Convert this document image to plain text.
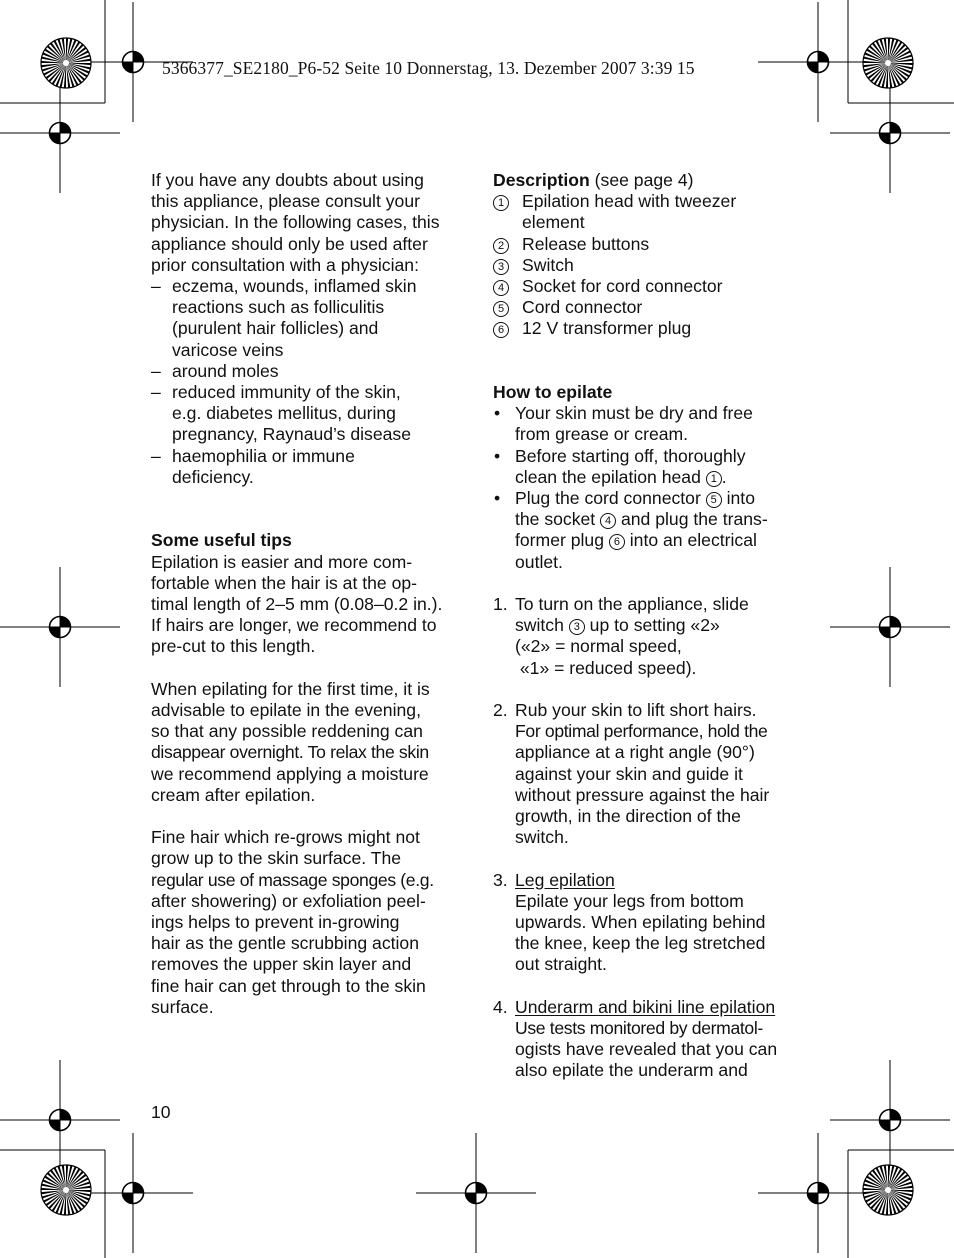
5366377_SE2180_P6-52 Seite 10 Donnerstag, 13. Dezember 2007 3:39 15

If you have any doubts about using

this appliance, please consult your

physician. In the following cases, this

appliance should only be used after

prior consultation with a physician:

– eczema, wounds, inflamed skin

reactions such as folliculitis

(purulent hair follicles) and

varicose veins

– around moles

– reduced immunity of the skin,

e.g. diabetes mellitus, during

pregnancy, Raynaud’s disease

– haemophilia or immune

deficiency.

Some useful tips

Epilation is easier and more com-

fortable when the hair is at the op-

timal length of 2–5 mm (0.08–0.2 in.).

If hairs are longer, we recommend to

pre-cut to this length.

When epilating for the first time, it is

advisable to epilate in the evening,

so that any possible reddening can

disappear overnight. To relax the skin

we recommend applying a moisture

cream after epilation.

Fine hair which re-grows might not

grow up to the skin surface. The

regular use of massage sponges (e.g.

after showering) or exfoliation peel-

ings helps to prevent in-growing

hair as the gentle scrubbing action

removes the upper skin layer and

fine hair can get through to the skin

surface.

Description (see page 4)

1	Epilation head with tweezer

element

2	Release buttons

3	Switch

4	Socket for cord connector

5	Cord connector

6	12 V transformer plug

How to epilate

• Your skin must be dry and free

from grease or cream.

• Before starting off, thoroughly

clean the epilation head 1 .

• Plug the cord connector 5 into

the socket 4 and plug the trans-

former plug 6 into an electrical

outlet.

1. To turn on the appliance, slide

switch 3 up to setting «2»

(«2» = normal speed,

«1» = reduced speed).

2. Rub your skin to lift short hairs.

For optimal performance, hold the

appliance at a right angle (90°)

against your skin and guide it

without pressure against the hair

growth, in the direction of the

switch.

3. Leg epilation

Epilate your legs from bottom

upwards. When epilating behind

the knee, keep the leg stretched

out straight.

4. Underarm and bikini line epilation

Use tests monitored by dermatol-

ogists have revealed that you can

also epilate the underarm and

10
